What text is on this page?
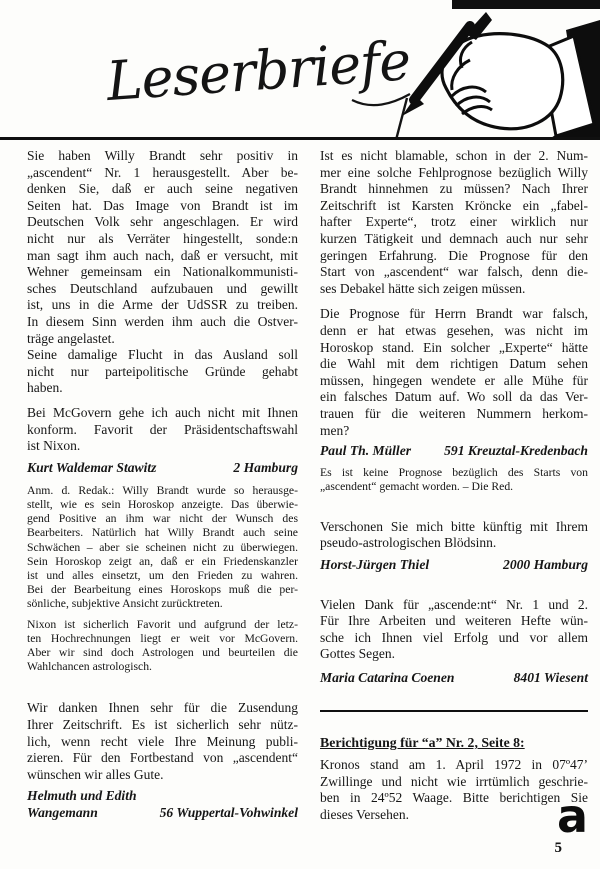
Leserbriefe
Sie haben Willy Brandt sehr positiv in
„ascendent“ Nr. 1 herausgestellt. Aber be-
denken Sie, daß er auch seine negativen
Seiten hat. Das Image von Brandt ist im
Deutschen Volk sehr angeschlagen. Er wird
nicht nur als Verräter hingestellt, sonde:n
man sagt ihm auch nach, daß er versucht, mit
Wehner gemeinsam ein Nationalkommunisti-
sches Deutschland aufzubauen und gewillt
ist, uns in die Arme der UdSSR zu treiben.
In diesem Sinn werden ihm auch die Ostver-
träge angelastet.
Seine damalige Flucht in das Ausland soll
nicht nur parteipolitische Gründe gehabt
haben.
Bei McGovern gehe ich auch nicht mit Ihnen
konform. Favorit der Präsidentschaftswahl
ist Nixon.
Kurt Waldemar Stawitz	2 Hamburg
Anm. d. Redak.: Willy Brandt wurde so herausge-
stellt, wie es sein Horoskop anzeigte. Das überwie-
gend Positive an ihm war nicht der Wunsch des
Bearbeiters. Natürlich hat Willy Brandt auch seine
Schwächen – aber sie scheinen nicht zu überwiegen.
Sein Horoskop zeigt an, daß er ein Friedenskanzler
ist und alles einsetzt, um den Frieden zu wahren.
Bei der Bearbeitung eines Horoskops muß die per-
sönliche, subjektive Ansicht zurücktreten.
Nixon ist sicherlich Favorit und aufgrund der letz-
ten Hochrechnungen liegt er weit vor McGovern.
Aber wir sind doch Astrologen und beurteilen die
Wahlchancen astrologisch.
Wir danken Ihnen sehr für die Zusendung
Ihrer Zeitschrift. Es ist sicherlich sehr nütz-
lich, wenn recht viele Ihre Meinung publi-
zieren. Für den Fortbestand von „ascendent“
wünschen wir alles Gute.
Helmuth und Edith
Wangemann	56 Wuppertal-Vohwinkel
Ist es nicht blamable, schon in der 2. Num-
mer eine solche Fehlprognose bezüglich Willy
Brandt hinnehmen zu müssen? Nach Ihrer
Zeitschrift ist Karsten Kröncke ein „fabel-
hafter Experte“, trotz einer wirklich nur
kurzen Tätigkeit und demnach auch nur sehr
geringen Erfahrung. Die Prognose für den
Start von „ascendent“ war falsch, denn die-
ses Debakel hätte sich zeigen müssen.
Die Prognose für Herrn Brandt war falsch,
denn er hat etwas gesehen, was nicht im
Horoskop stand. Ein solcher „Experte“ hätte
die Wahl mit dem richtigen Datum sehen
müssen, hingegen wendete er alle Mühe für
ein falsches Datum auf. Wo soll da das Ver-
trauen für die weiteren Nummern herkom-
men?
Paul Th. Müller 591 Kreuztal-Kredenbach
Es ist keine Prognose bezüglich des Starts von
„ascendent“ gemacht worden. – Die Red.
Verschonen Sie mich bitte künftig mit Ihrem
pseudo-astrologischen Blödsinn.
Horst-Jürgen Thiel	2000 Hamburg
Vielen Dank für „ascende:nt“ Nr. 1 und 2.
Für Ihre Arbeiten und weiteren Hefte wün-
sche ich Ihnen viel Erfolg und vor allem
Gottes Segen.
Maria Catarina Coenen	8401 Wiesent
Berichtigung für “a” Nr. 2, Seite 8:
Kronos stand am 1. April 1972 in 07º47’
Zwillinge und nicht wie irrtümlich geschrie-
ben in 24º52 Waage. Bitte berichtigen Sie
dieses Versehen.	a
5
